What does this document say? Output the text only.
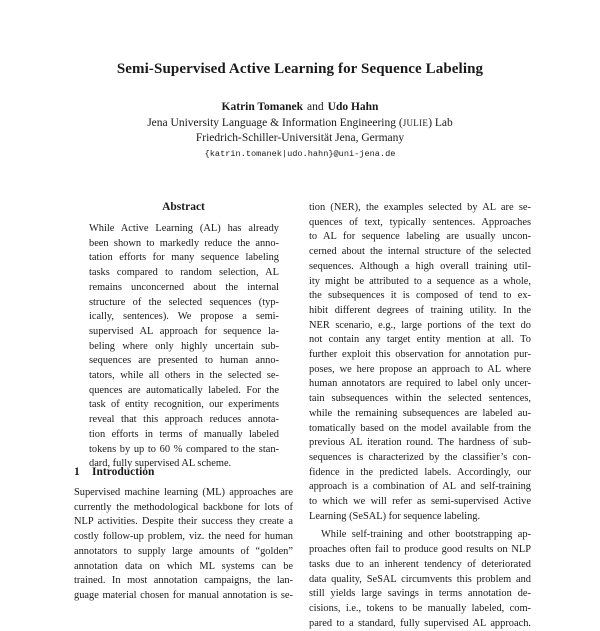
Semi-Supervised Active Learning for Sequence Labeling
Katrin Tomanek and Udo Hahn
Jena University Language & Information Engineering (JULIE) Lab
Friedrich-Schiller-Universität Jena, Germany
{katrin.tomanek|udo.hahn}@uni-jena.de
Abstract
While Active Learning (AL) has already
been shown to markedly reduce the anno-
tation efforts for many sequence labeling
tasks compared to random selection, AL
remains unconcerned about the internal
structure of the selected sequences (typ-
ically, sentences). We propose a semi-
supervised AL approach for sequence la-
beling where only highly uncertain sub-
sequences are presented to human anno-
tators, while all others in the selected se-
quences are automatically labeled. For the
task of entity recognition, our experiments
reveal that this approach reduces annota-
tion efforts in terms of manually labeled
tokens by up to 60 % compared to the stan-
dard, fully supervised AL scheme.
1 Introduction
Supervised machine learning (ML) approaches are
currently the methodological backbone for lots of
NLP activities. Despite their success they create a
costly follow-up problem, viz. the need for human
annotators to supply large amounts of “golden”
annotation data on which ML systems can be
trained. In most annotation campaigns, the lan-
guage material chosen for manual annotation is se-
tion (NER), the examples selected by AL are se-
quences of text, typically sentences. Approaches
to AL for sequence labeling are usually uncon-
cerned about the internal structure of the selected
sequences. Although a high overall training util-
ity might be attributed to a sequence as a whole,
the subsequences it is composed of tend to ex-
hibit different degrees of training utility. In the
NER scenario, e.g., large portions of the text do
not contain any target entity mention at all. To
further exploit this observation for annotation pur-
poses, we here propose an approach to AL where
human annotators are required to label only uncer-
tain subsequences within the selected sentences,
while the remaining subsequences are labeled au-
tomatically based on the model available from the
previous AL iteration round. The hardness of sub-
sequences is characterized by the classifier’s con-
fidence in the predicted labels. Accordingly, our
approach is a combination of AL and self-training
to which we will refer as semi-supervised Active
Learning (SeSAL) for sequence labeling.
While self-training and other bootstrapping ap-
proaches often fail to produce good results on NLP
tasks due to an inherent tendency of deteriorated
data quality, SeSAL circumvents this problem and
still yields large savings in terms annotation de-
cisions, i.e., tokens to be manually labeled, com-
pared to a standard, fully supervised AL approach.
